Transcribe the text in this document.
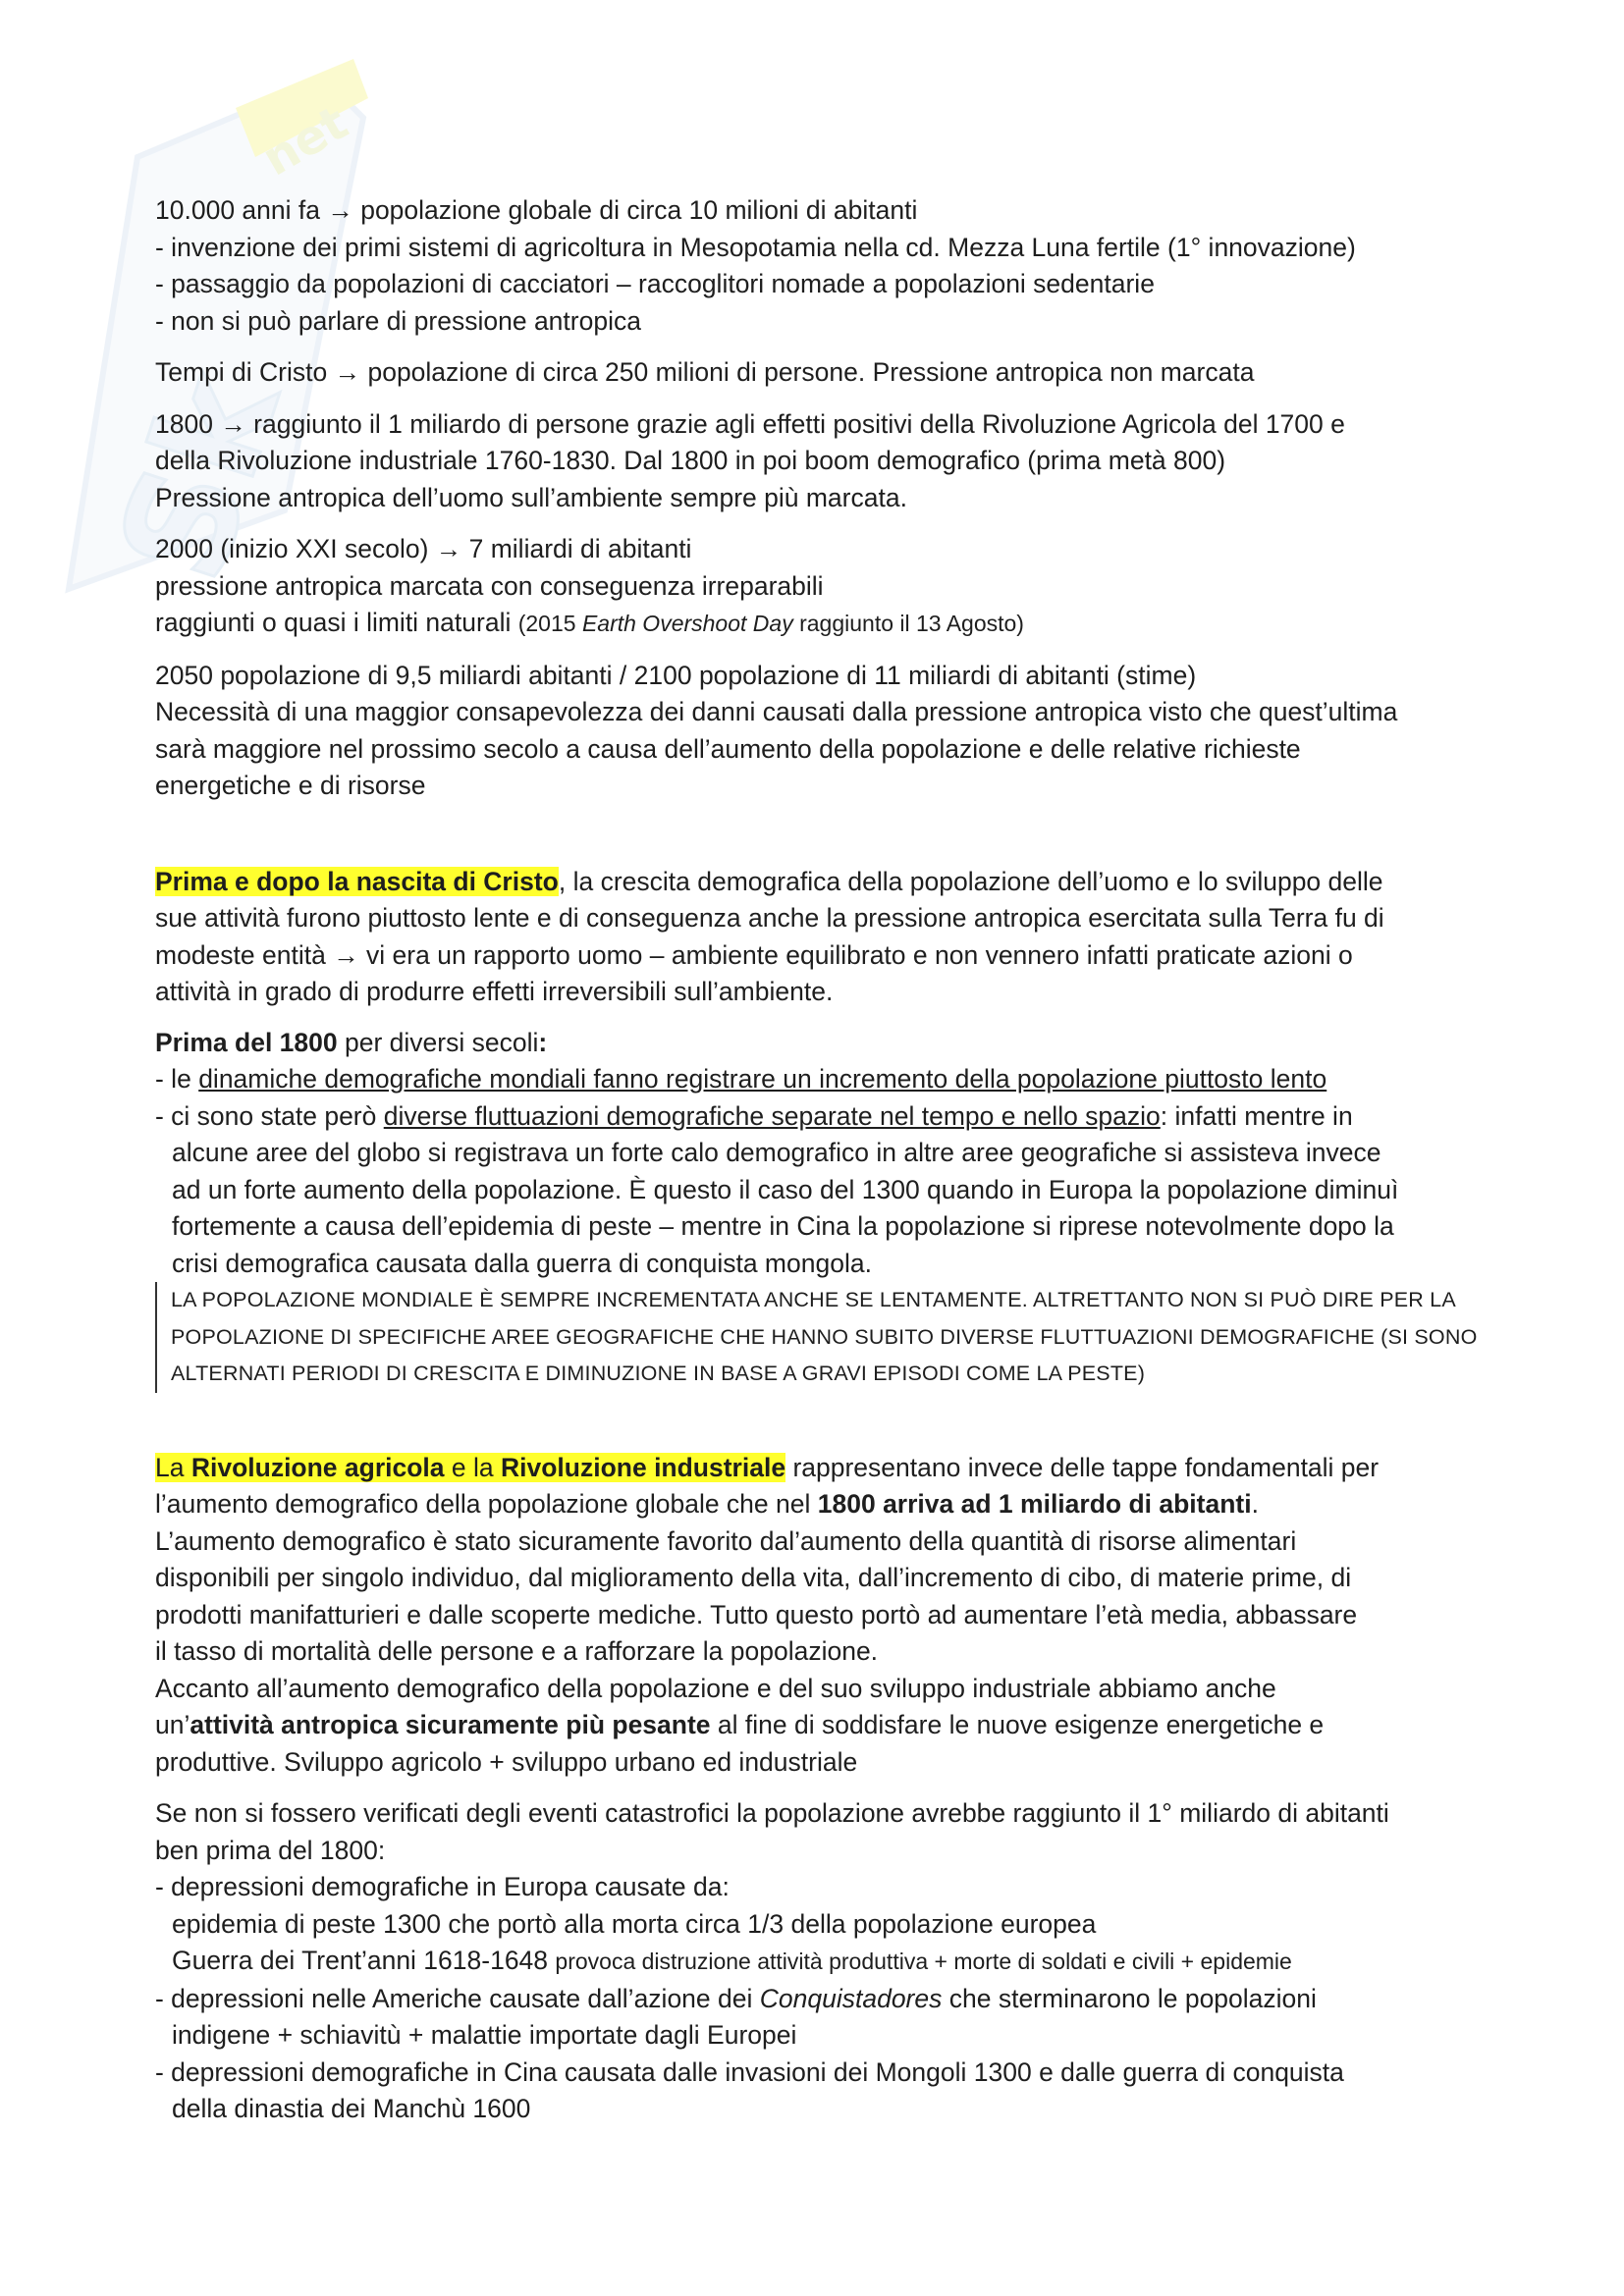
Sk
net
10.000 anni fa → popolazione globale di circa 10 milioni di abitanti
- invenzione dei primi sistemi di agricoltura in Mesopotamia nella cd. Mezza Luna fertile (1° innovazione)
- passaggio da popolazioni di cacciatori – raccoglitori nomade a popolazioni sedentarie
- non si può parlare di pressione antropica
Tempi di Cristo → popolazione di circa 250 milioni di persone. Pressione antropica non marcata
1800 → raggiunto il 1 miliardo di persone grazie agli effetti positivi della Rivoluzione Agricola del 1700 e
della Rivoluzione industriale 1760-1830. Dal 1800 in poi boom demografico (prima metà 800)
Pressione antropica dell’uomo sull’ambiente sempre più marcata.
2000 (inizio XXI secolo) → 7 miliardi di abitanti
pressione antropica marcata con conseguenza irreparabili
raggiunti o quasi i limiti naturali (2015 Earth Overshoot Day raggiunto il 13 Agosto)
2050 popolazione di 9,5 miliardi abitanti / 2100 popolazione di 11 miliardi di abitanti (stime)
Necessità di una maggior consapevolezza dei danni causati dalla pressione antropica visto che quest’ultima
sarà maggiore nel prossimo secolo a causa dell’aumento della popolazione e delle relative richieste
energetiche e di risorse
Prima e dopo la nascita di Cristo, la crescita demografica della popolazione dell’uomo e lo sviluppo delle
sue attività furono piuttosto lente e di conseguenza anche la pressione antropica esercitata sulla Terra fu di
modeste entità → vi era un rapporto uomo – ambiente equilibrato e non vennero infatti praticate azioni o
attività in grado di produrre effetti irreversibili sull’ambiente.
Prima del 1800 per diversi secoli:
- le dinamiche demografiche mondiali fanno registrare un incremento della popolazione piuttosto lento
- ci sono state però diverse fluttuazioni demografiche separate nel tempo e nello spazio: infatti mentre in
alcune aree del globo si registrava un forte calo demografico in altre aree geografiche si assisteva invece
ad un forte aumento della popolazione. È questo il caso del 1300 quando in Europa la popolazione diminuì
fortemente a causa dell’epidemia di peste – mentre in Cina la popolazione si riprese notevolmente dopo la
crisi demografica causata dalla guerra di conquista mongola.
LA POPOLAZIONE MONDIALE È SEMPRE INCREMENTATA ANCHE SE LENTAMENTE. ALTRETTANTO NON SI PUÒ DIRE PER LA
POPOLAZIONE DI SPECIFICHE AREE GEOGRAFICHE CHE HANNO SUBITO DIVERSE FLUTTUAZIONI DEMOGRAFICHE (SI SONO
ALTERNATI PERIODI DI CRESCITA E DIMINUZIONE IN BASE A GRAVI EPISODI COME LA PESTE)
La Rivoluzione agricola e la Rivoluzione industriale rappresentano invece delle tappe fondamentali per
l’aumento demografico della popolazione globale che nel 1800 arriva ad 1 miliardo di abitanti.
L’aumento demografico è stato sicuramente favorito dal’aumento della quantità di risorse alimentari
disponibili per singolo individuo, dal miglioramento della vita, dall’incremento di cibo, di materie prime, di
prodotti manifatturieri e dalle scoperte mediche. Tutto questo portò ad aumentare l’età media, abbassare
il tasso di mortalità delle persone e a rafforzare la popolazione.
Accanto all’aumento demografico della popolazione e del suo sviluppo industriale abbiamo anche
un’attività antropica sicuramente più pesante al fine di soddisfare le nuove esigenze energetiche e
produttive. Sviluppo agricolo + sviluppo urbano ed industriale
Se non si fossero verificati degli eventi catastrofici la popolazione avrebbe raggiunto il 1° miliardo di abitanti
ben prima del 1800:
- depressioni demografiche in Europa causate da:
epidemia di peste 1300 che portò alla morta circa 1/3 della popolazione europea
Guerra dei Trent’anni 1618-1648 provoca distruzione attività produttiva + morte di soldati e civili + epidemie
- depressioni nelle Americhe causate dall’azione dei Conquistadores che sterminarono le popolazioni
indigene + schiavitù + malattie importate dagli Europei
- depressioni demografiche in Cina causata dalle invasioni dei Mongoli 1300 e dalle guerra di conquista
della dinastia dei Manchù 1600
